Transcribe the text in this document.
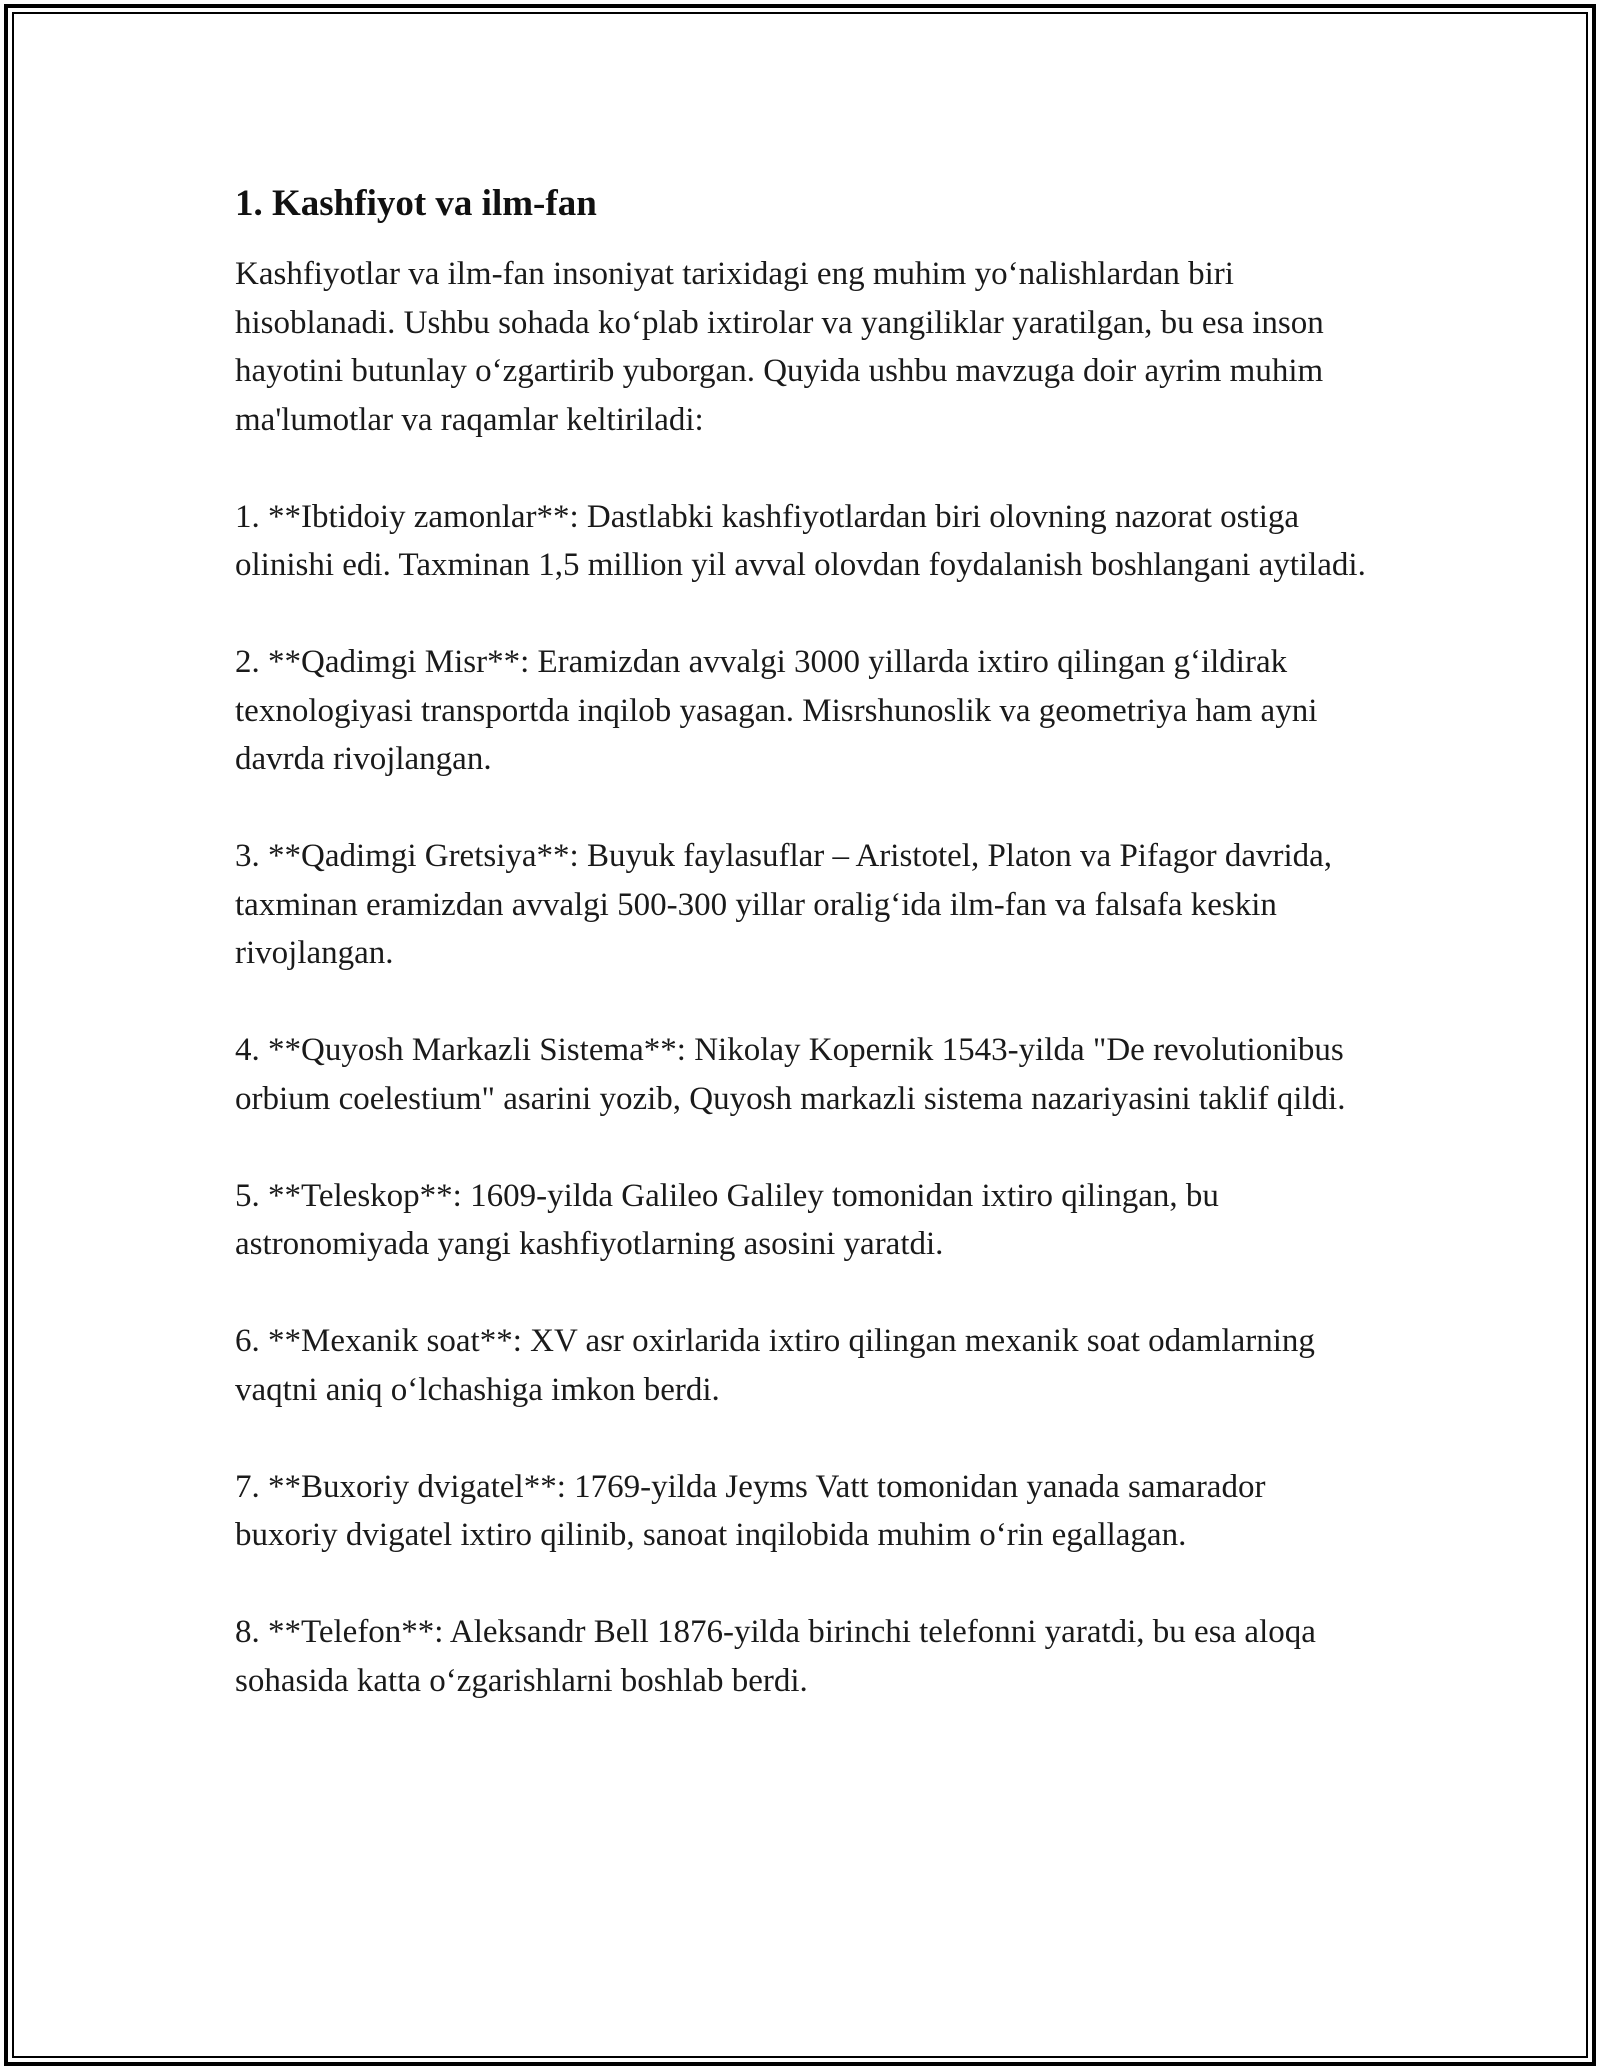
1. Kashfiyot va ilm-fan

Kashfiyotlar va ilm-fan insoniyat tarixidagi eng muhim yo‘nalishlardan biri hisoblanadi. Ushbu sohada ko‘plab ixtirolar va yangiliklar yaratilgan, bu esa inson hayotini butunlay o‘zgartirib yuborgan. Quyida ushbu mavzuga doir ayrim muhim ma'lumotlar va raqamlar keltiriladi:

1. **Ibtidoiy zamonlar**: Dastlabki kashfiyotlardan biri olovning nazorat ostiga olinishi edi. Taxminan 1,5 million yil avval olovdan foydalanish boshlangani aytiladi.

2. **Qadimgi Misr**: Eramizdan avvalgi 3000 yillarda ixtiro qilingan g‘ildirak texnologiyasi transportda inqilob yasagan. Misrshunoslik va geometriya ham ayni davrda rivojlangan.

3. **Qadimgi Gretsiya**: Buyuk faylasuflar – Aristotel, Platon va Pifagor davrida, taxminan eramizdan avvalgi 500-300 yillar oralig‘ida ilm-fan va falsafa keskin rivojlangan.

4. **Quyosh Markazli Sistema**: Nikolay Kopernik 1543-yilda "De revolutionibus orbium coelestium" asarini yozib, Quyosh markazli sistema nazariyasini taklif qildi.

5. **Teleskop**: 1609-yilda Galileo Galiley tomonidan ixtiro qilingan, bu astronomiyada yangi kashfiyotlarning asosini yaratdi.

6. **Mexanik soat**: XV asr oxirlarida ixtiro qilingan mexanik soat odamlarning vaqtni aniq o‘lchashiga imkon berdi.

7. **Buxoriy dvigatel**: 1769-yilda Jeyms Vatt tomonidan yanada samarador buxoriy dvigatel ixtiro qilinib, sanoat inqilobida muhim o‘rin egallagan.

8. **Telefon**: Aleksandr Bell 1876-yilda birinchi telefonni yaratdi, bu esa aloqa sohasida katta o‘zgarishlarni boshlab berdi.
